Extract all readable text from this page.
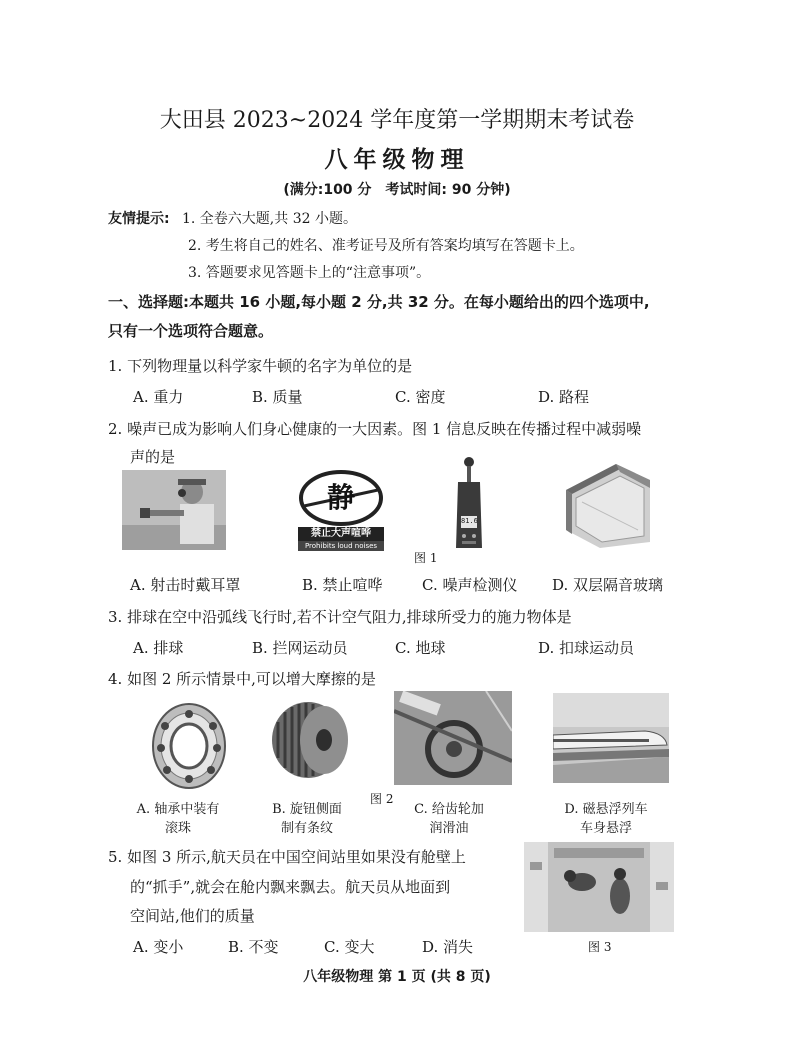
大田县 2023~2024 学年度第一学期期末考试卷
八年级物理
(满分:100 分　考试时间: 90 分钟)
友情提示: 1. 全卷六大题,共 32 小题。
2. 考生将自己的姓名、准考证号及所有答案均填写在答题卡上。
3. 答题要求见答题卡上的“注意事项”。
一、选择题:本题共 16 小题,每小题 2 分,共 32 分。在每小题给出的四个选项中,
只有一个选项符合题意。
1. 下列物理量以科学家牛顿的名字为单位的是
A. 重力	B. 质量	C. 密度	D. 路程
2. 噪声已成为影响人们身心健康的一大因素。图 1 信息反映在传播过程中减弱噪
声的是
静
禁止大声喧哗
Prohibits loud noises
81.6
图 1
A. 射击时戴耳罩	B. 禁止喧哗	C. 噪声检测仪 D. 双层隔音玻璃
3. 排球在空中沿弧线飞行时,若不计空气阻力,排球所受力的施力物体是
A. 排球	B. 拦网运动员	C. 地球	D. 扣球运动员
4. 如图 2 所示情景中,可以增大摩擦的是
图 2
A. 轴承中装有
滚珠
B. 旋钮侧面
制有条纹
C. 给齿轮加
润滑油
D. 磁悬浮列车
车身悬浮
5. 如图 3 所示,航天员在中国空间站里如果没有舱壁上
的“抓手”,就会在舱内飘来飘去。航天员从地面到
空间站,他们的质量
A. 变小	B. 不变	C. 变大	D. 消失	图 3
八年级物理 第 1 页 (共 8 页)
